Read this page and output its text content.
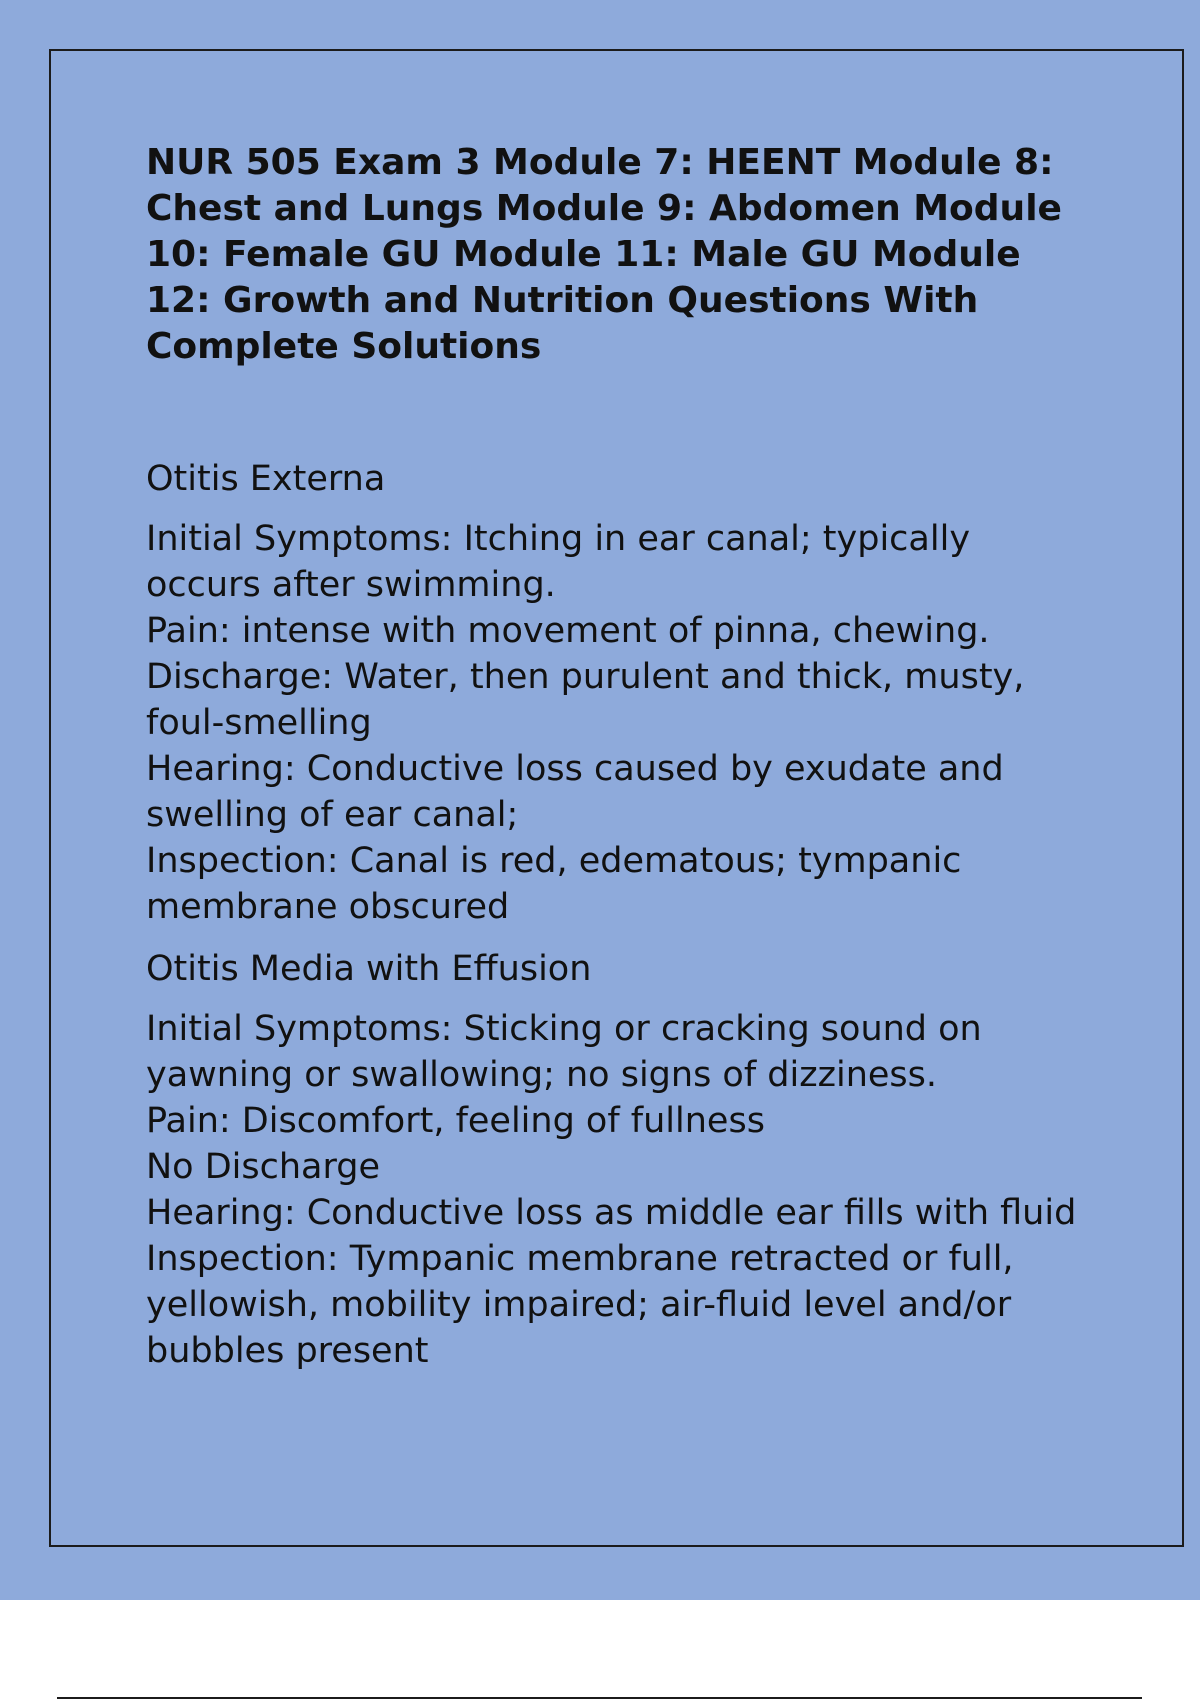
NUR 505 Exam 3 Module 7: HEENT Module 8: Chest and Lungs Module 9: Abdomen Module 10: Female GU Module 11: Male GU Module 12: Growth and Nutrition Questions With Complete Solutions
Otitis Externa

Initial Symptoms: Itching in ear canal; typically occurs after swimming.
Pain: intense with movement of pinna, chewing.
Discharge: Water, then purulent and thick, musty, foul-smelling
Hearing: Conductive loss caused by exudate and swelling of ear canal;
Inspection: Canal is red, edematous; tympanic membrane obscured

Otitis Media with Effusion

Initial Symptoms: Sticking or cracking sound on yawning or swallowing; no signs of dizziness.
Pain: Discomfort, feeling of fullness
No Discharge
Hearing: Conductive loss as middle ear fills with fluid
Inspection: Tympanic membrane retracted or full, yellowish, mobility impaired; air-fluid level and/or bubbles present
